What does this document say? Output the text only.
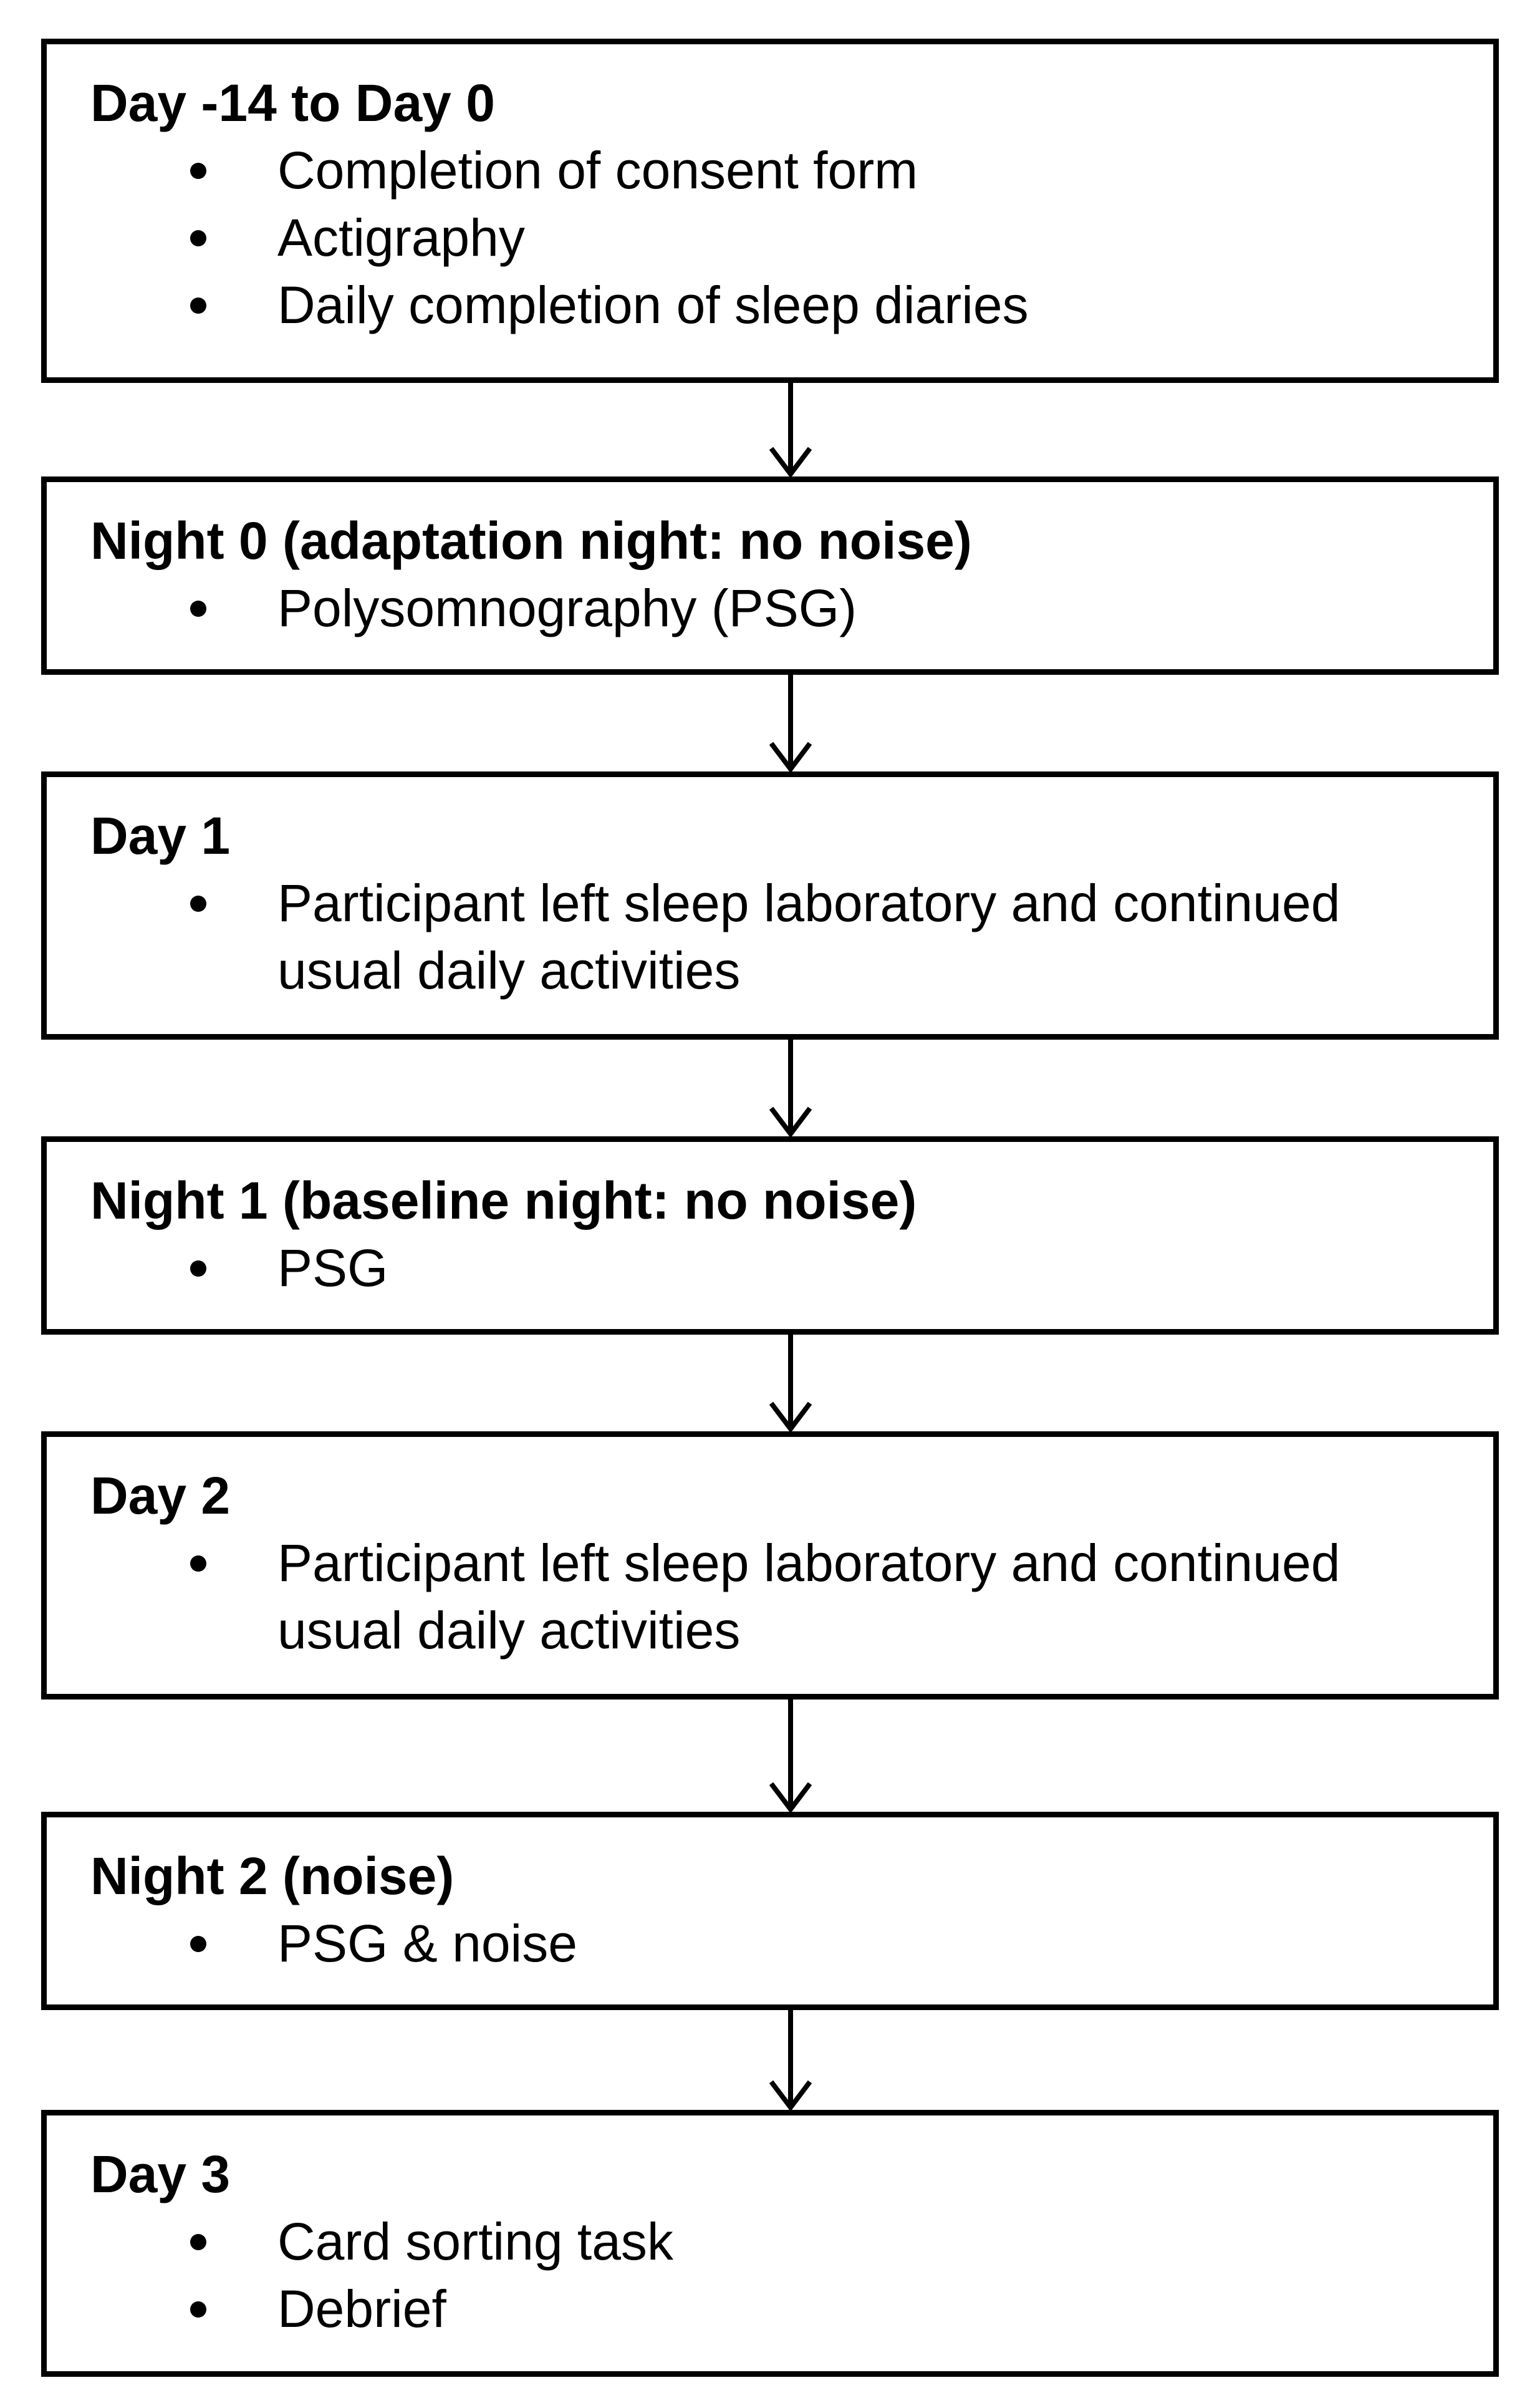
Day -14 to Day 0
Completion of consent form
Actigraphy
Daily completion of sleep diaries
Night 0 (adaptation night: no noise)
Polysomnography (PSG)
Day 1
Participant left sleep laboratory and continued usual daily activities
Night 1 (baseline night: no noise)
PSG
Day 2
Participant left sleep laboratory and continued usual daily activities
Night 2 (noise)
PSG & noise
Day 3
Card sorting task
Debrief
